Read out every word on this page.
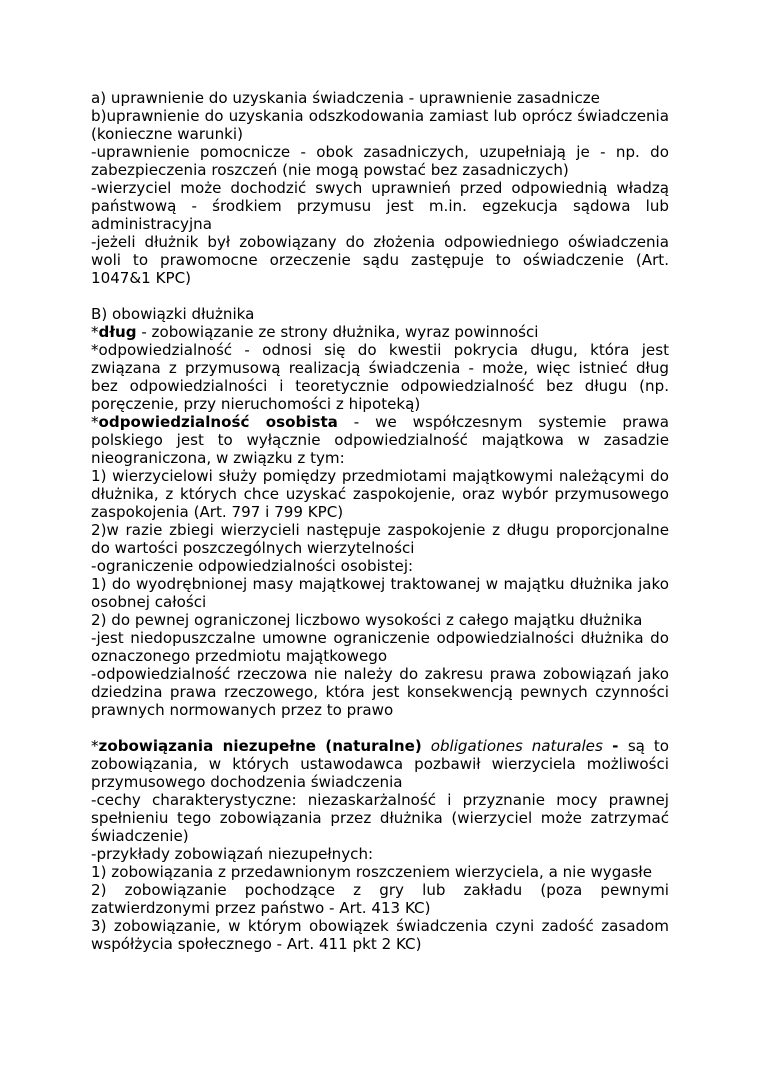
a) uprawnienie do uzyskania świadczenia - uprawnienie zasadnicze

b)uprawnienie do uzyskania odszkodowania zamiast lub oprócz świadczenia (konieczne warunki)

-uprawnienie pomocnicze - obok zasadniczych, uzupełniają je - np. do zabezpieczenia roszczeń (nie mogą powstać bez zasadniczych)

-wierzyciel może dochodzić swych uprawnień przed odpowiednią władzą państwową - środkiem przymusu jest m.in. egzekucja sądowa lub administracyjna

-jeżeli dłużnik był zobowiązany do złożenia odpowiedniego oświadczenia woli to prawomocne orzeczenie sądu zastępuje to oświadczenie (Art. 1047&1 KPC)

B) obowiązki dłużnika

*dług - zobowiązanie ze strony dłużnika, wyraz powinności

*odpowiedzialność - odnosi się do kwestii pokrycia długu, która jest związana z przymusową realizacją świadczenia - może, więc istnieć dług bez odpowiedzialności i teoretycznie odpowiedzialność bez długu (np. poręczenie, przy nieruchomości z hipoteką)

*odpowiedzialność osobista - we współczesnym systemie prawa polskiego jest to wyłącznie odpowiedzialność majątkowa w zasadzie nieograniczona, w związku z tym:

1) wierzycielowi służy pomiędzy przedmiotami majątkowymi należącymi do dłużnika, z których chce uzyskać zaspokojenie, oraz wybór przymusowego zaspokojenia (Art. 797 i 799 KPC)

2)w razie zbiegi wierzycieli następuje zaspokojenie z długu proporcjonalne do wartości poszczególnych wierzytelności

-ograniczenie odpowiedzialności osobistej:

1) do wyodrębnionej masy majątkowej traktowanej w majątku dłużnika jako osobnej całości

2) do pewnej ograniczonej liczbowo wysokości z całego majątku dłużnika

-jest niedopuszczalne umowne ograniczenie odpowiedzialności dłużnika do oznaczonego przedmiotu majątkowego

-odpowiedzialność rzeczowa nie należy do zakresu prawa zobowiązań jako dziedzina prawa rzeczowego, która jest konsekwencją pewnych czynności prawnych normowanych przez to prawo

*zobowiązania niezupełne (naturalne) obligationes naturales - są to zobowiązania, w których ustawodawca pozbawił wierzyciela możliwości przymusowego dochodzenia świadczenia

-cechy charakterystyczne: niezaskarżalność i przyznanie mocy prawnej spełnieniu tego zobowiązania przez dłużnika (wierzyciel może zatrzymać świadczenie)

-przykłady zobowiązań niezupełnych:

1) zobowiązania z przedawnionym roszczeniem wierzyciela, a nie wygasłe

2) zobowiązanie pochodzące z gry lub zakładu (poza pewnymi zatwierdzonymi przez państwo - Art. 413 KC)

3) zobowiązanie, w którym obowiązek świadczenia czyni zadość zasadom współżycia społecznego - Art. 411 pkt 2 KC)
